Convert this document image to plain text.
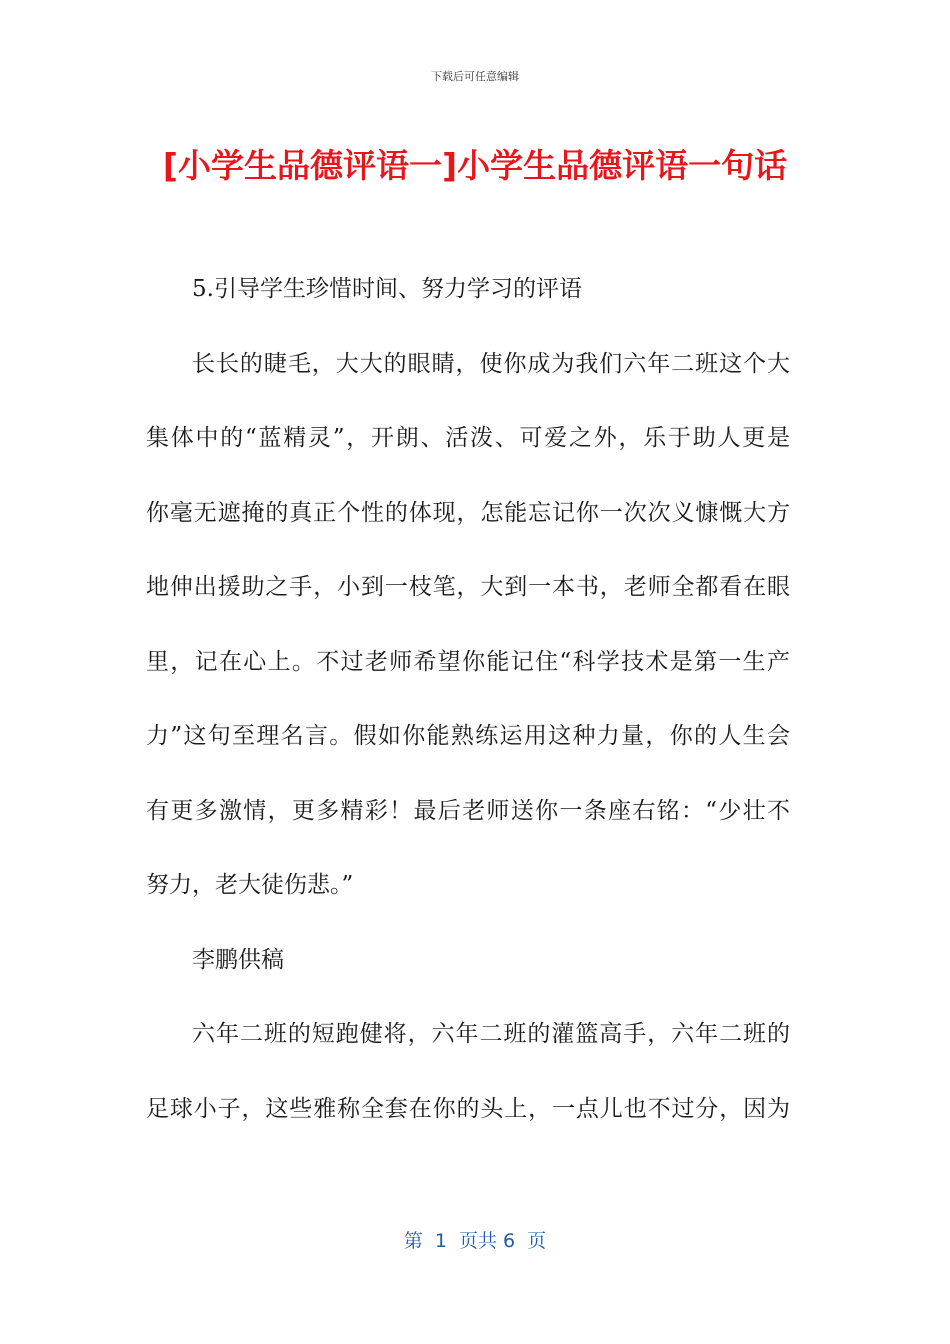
下载后可任意编辑
[小学生品德评语一]小学生品德评语一句话
5.引导学生珍惜时间、努力学习的评语
长长的睫毛，大大的眼睛，使你成为我们六年二班这个大
集体中的“蓝精灵”，开朗、活泼、可爱之外，乐于助人更是
你毫无遮掩的真正个性的体现，怎能忘记你一次次义慷慨大方
地伸出援助之手，小到一枝笔，大到一本书，老师全都看在眼
里，记在心上。不过老师希望你能记住“科学技术是第一生产
力”这句至理名言。假如你能熟练运用这种力量，你的人生会
有更多激情，更多精彩！最后老师送你一条座右铭：“少壮不
努力，老大徒伤悲。”
李鹏供稿
六年二班的短跑健将，六年二班的灌篮高手，六年二班的
足球小子，这些雅称全套在你的头上，一点儿也不过分，因为
第  1  页共 6  页
